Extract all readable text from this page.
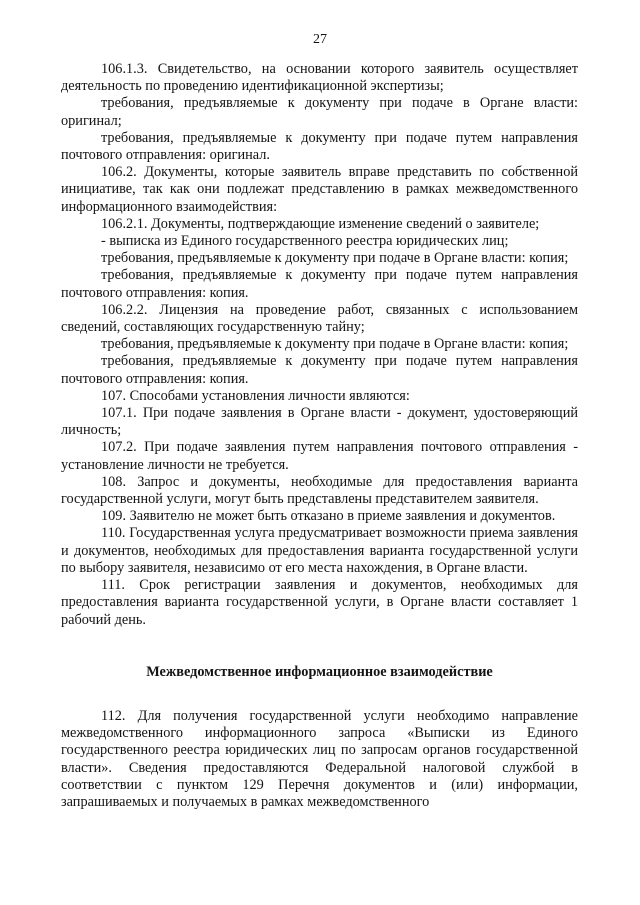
27

106.1.3. Свидетельство, на основании которого заявитель осуществляет деятельность по проведению идентификационной экспертизы;

требования, предъявляемые к документу при подаче в Органе власти: оригинал;

требования, предъявляемые к документу при подаче путем направления почтового отправления: оригинал.

106.2. Документы, которые заявитель вправе представить по собственной инициативе, так как они подлежат представлению в рамках межведомственного информационного взаимодействия:

106.2.1. Документы, подтверждающие изменение сведений о заявителе;

- выписка из Единого государственного реестра юридических лиц;

требования, предъявляемые к документу при подаче в Органе власти: копия;

требования, предъявляемые к документу при подаче путем направления почтового отправления: копия.

106.2.2. Лицензия на проведение работ, связанных с использованием сведений, составляющих государственную тайну;

требования, предъявляемые к документу при подаче в Органе власти: копия;

требования, предъявляемые к документу при подаче путем направления почтового отправления: копия.

107. Способами установления личности являются:

107.1. При подаче заявления в Органе власти - документ, удостоверяющий личность;

107.2. При подаче заявления путем направления почтового отправления - установление личности не требуется.

108. Запрос и документы, необходимые для предоставления варианта государственной услуги, могут быть представлены представителем заявителя.

109. Заявителю не может быть отказано в приеме заявления и документов.

110. Государственная услуга предусматривает возможности приема заявления и документов, необходимых для предоставления варианта государственной услуги по выбору заявителя, независимо от его места нахождения, в Органе власти.

111. Срок регистрации заявления и документов, необходимых для предоставления варианта государственной услуги, в Органе власти составляет 1 рабочий день.

Межведомственное информационное взаимодействие

112. Для получения государственной услуги необходимо направление межведомственного информационного запроса «Выписки из Единого государственного реестра юридических лиц по запросам органов государственной власти». Сведения предоставляются Федеральной налоговой службой в соответствии с пунктом 129 Перечня документов и (или) информации, запрашиваемых и получаемых в рамках межведомственного
